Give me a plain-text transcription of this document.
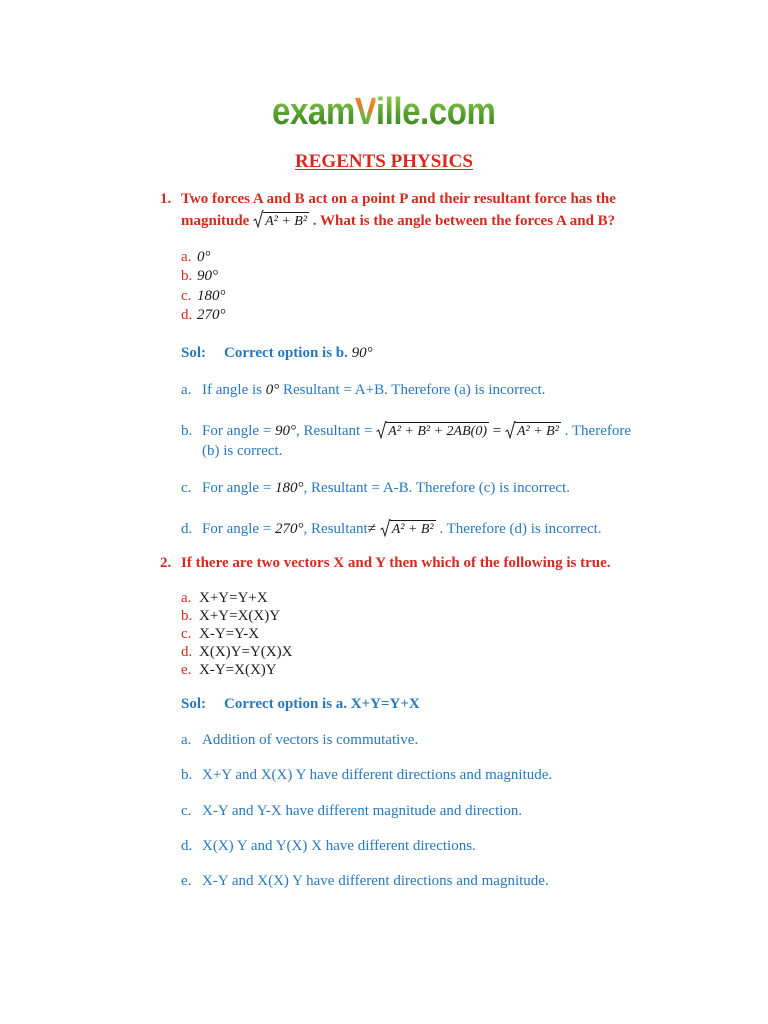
examVille.com
REGENTS PHYSICS
1. Two forces A and B act on a point P and their resultant force has the magnitude A² + B² . What is the angle between the forces A and B?
a. 0°
b. 90°
c. 180°
d. 270°
Sol: Correct option is b. 90°
a. If angle is 0° Resultant = A+B. Therefore (a) is incorrect.
b. For angle = 90°, Resultant = A² + B² + 2AB(0) = A² + B² . Therefore
(b) is correct.
c. For angle = 180°, Resultant = A-B. Therefore (c) is incorrect.
d. For angle = 270°, Resultant≠ A² + B² . Therefore (d) is incorrect.
2. If there are two vectors X and Y then which of the following is true.
a. X+Y=Y+X
b. X+Y=X(X)Y
c. X-Y=Y-X
d. X(X)Y=Y(X)X
e. X-Y=X(X)Y
Sol: Correct option is a. X+Y=Y+X
a. Addition of vectors is commutative.
b. X+Y and X(X) Y have different directions and magnitude.
c. X-Y and Y-X have different magnitude and direction.
d. X(X) Y and Y(X) X have different directions.
e. X-Y and X(X) Y have different directions and magnitude.
